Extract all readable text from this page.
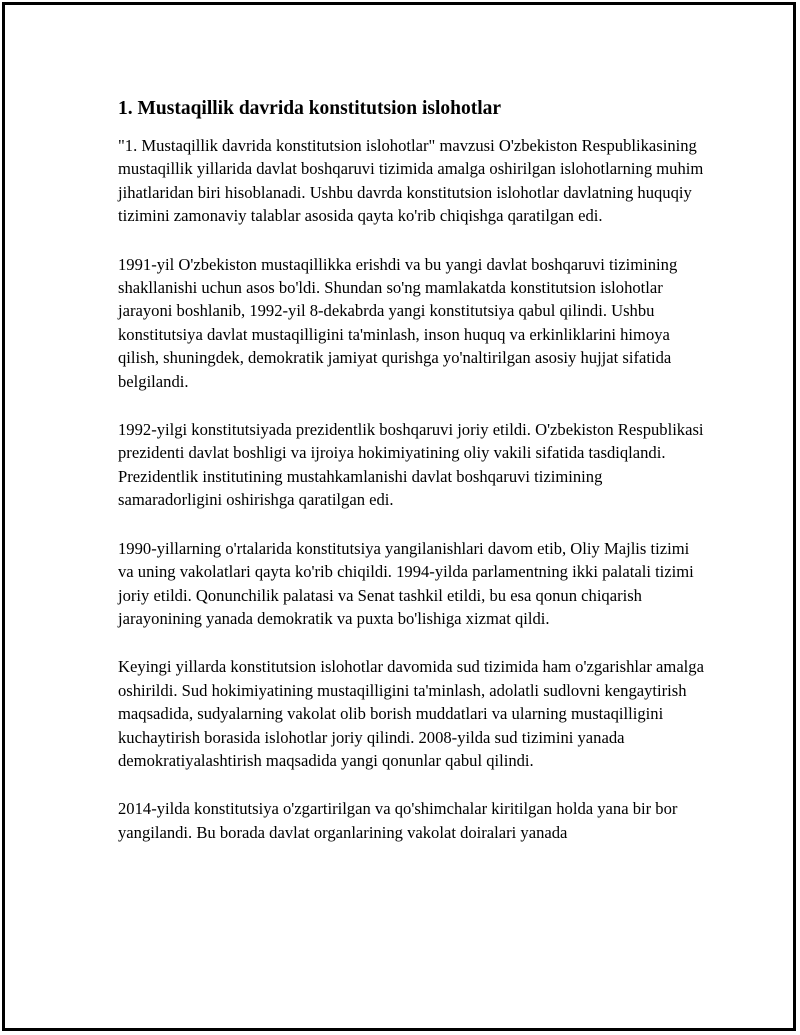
1. Mustaqillik davrida konstitutsion islohotlar

"1. Mustaqillik davrida konstitutsion islohotlar" mavzusi O'zbekiston Respublikasining mustaqillik yillarida davlat boshqaruvi tizimida amalga oshirilgan islohotlarning muhim jihatlaridan biri hisoblanadi. Ushbu davrda konstitutsion islohotlar davlatning huquqiy tizimini zamonaviy talablar asosida qayta ko'rib chiqishga qaratilgan edi.

1991-yil O'zbekiston mustaqillikka erishdi va bu yangi davlat boshqaruvi tizimining shakllanishi uchun asos bo'ldi. Shundan so'ng mamlakatda konstitutsion islohotlar jarayoni boshlanib, 1992-yil 8-dekabrda yangi konstitutsiya qabul qilindi. Ushbu konstitutsiya davlat mustaqilligini ta'minlash, inson huquq va erkinliklarini himoya qilish, shuningdek, demokratik jamiyat qurishga yo'naltirilgan asosiy hujjat sifatida belgilandi.

1992-yilgi konstitutsiyada prezidentlik boshqaruvi joriy etildi. O'zbekiston Respublikasi prezidenti davlat boshligi va ijroiya hokimiyatining oliy vakili sifatida tasdiqlandi. Prezidentlik institutining mustahkamlanishi davlat boshqaruvi tizimining samaradorligini oshirishga qaratilgan edi.

1990-yillarning o'rtalarida konstitutsiya yangilanishlari davom etib, Oliy Majlis tizimi va uning vakolatlari qayta ko'rib chiqildi. 1994-yilda parlamentning ikki palatali tizimi joriy etildi. Qonunchilik palatasi va Senat tashkil etildi, bu esa qonun chiqarish jarayonining yanada demokratik va puxta bo'lishiga xizmat qildi.

Keyingi yillarda konstitutsion islohotlar davomida sud tizimida ham o'zgarishlar amalga oshirildi. Sud hokimiyatining mustaqilligini ta'minlash, adolatli sudlovni kengaytirish maqsadida, sudyalarning vakolat olib borish muddatlari va ularning mustaqilligini kuchaytirish borasida islohotlar joriy qilindi. 2008-yilda sud tizimini yanada demokratiyalashtirish maqsadida yangi qonunlar qabul qilindi.

2014-yilda konstitutsiya o'zgartirilgan va qo'shimchalar kiritilgan holda yana bir bor yangilandi. Bu borada davlat organlarining vakolat doiralari yanada
